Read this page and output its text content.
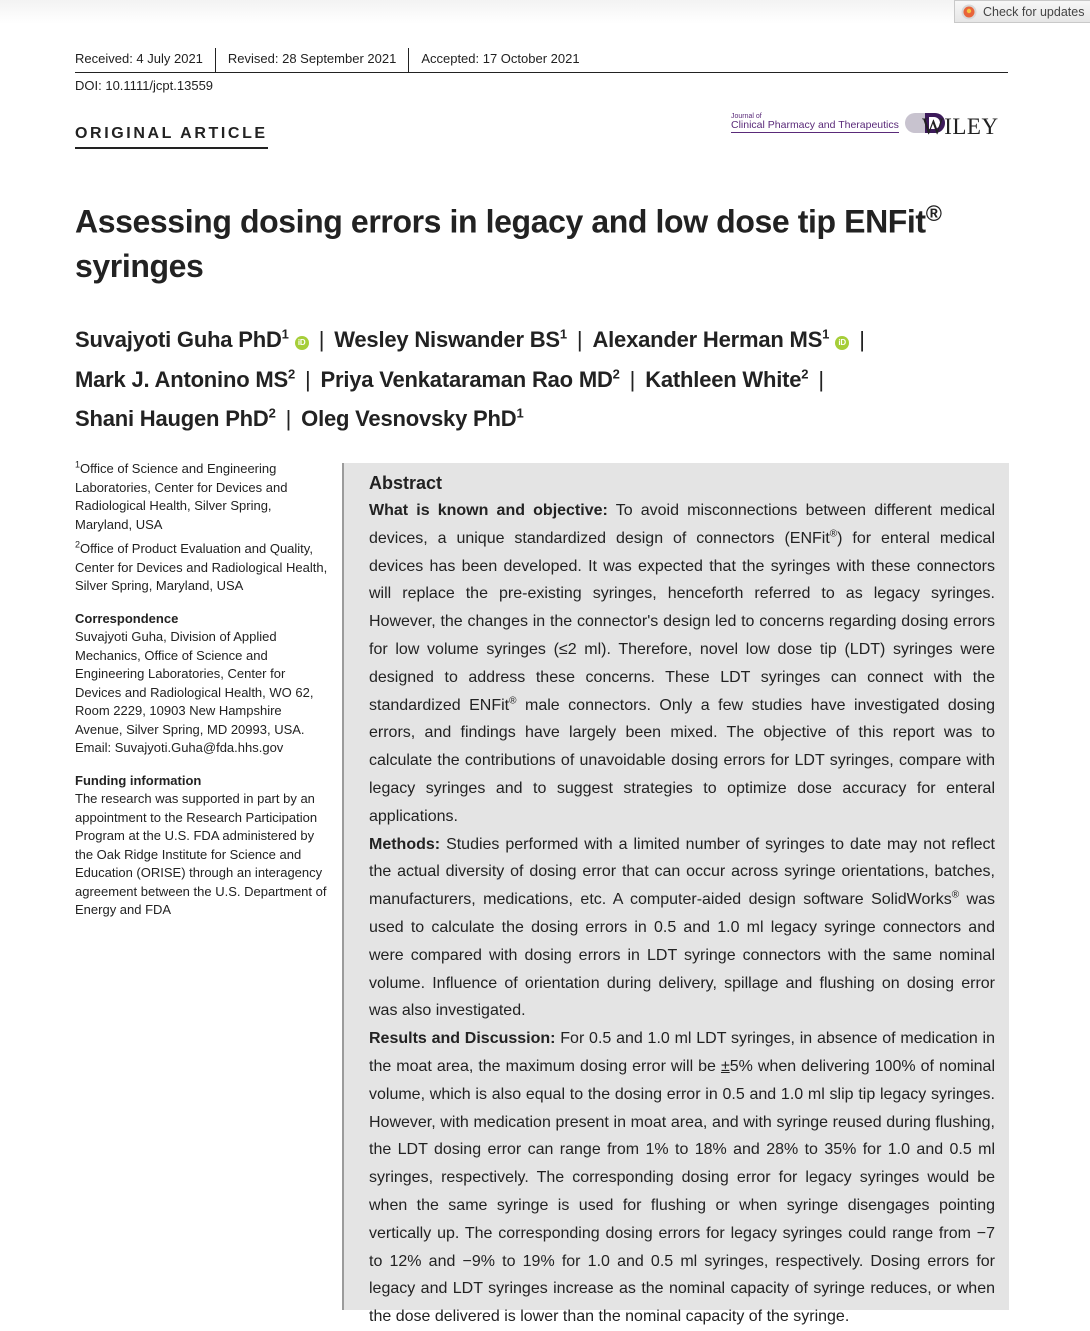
Check for updates
Received: 4 July 2021 Revised: 28 September 2021 Accepted: 17 October 2021
DOI: 10.1111/jcpt.13559
ORIGINAL ARTICLE
Journal of
Clinical Pharmacy and Therapeutics WILEY
Assessing dosing errors in legacy and low dose tip ENFit®
syringes
Suvajyoti Guha PhD$^1$iD | Wesley Niswander $BS^1$ | Alexander Herman $MS^1iD$ |
Mark J. Antonino $MS^2$ | Priya Venkataraman Rao $MD^2$ | Kathleen White$^2$ |
Shani Haugen PhD$^2$ | Oleg Vesnovsky PhD$^1$

$^1$Office of Science and Engineering Laboratories, Center for Devices and Radiological Health, Silver Spring, Maryland, USA

$^2$Office of Product Evaluation and Quality, Center for Devices and Radiological Health, Silver Spring, Maryland, USA

Correspondence

Suvajyoti Guha, Division of Applied Mechanics, Office of Science and Engineering Laboratories, Center for Devices and Radiological Health, WO 62, Room 2229, 10903 New Hampshire Avenue, Silver Spring, MD 20993, USA.

Email: Suvajyoti.Guha@fda.hhs.gov

Funding information

The research was supported in part by an appointment to the Research Participation Program at the U.S. FDA administered by the Oak Ridge Institute for Science and Education (ORISE) through an interagency agreement between the U.S. Department of Energy and FDA

Abstract

What is known and objective: To avoid misconnections between different medical devices, a unique standardized design of connectors (ENFit®) for enteral medical devices has been developed. It was expected that the syringes with these connectors will replace the pre-existing syringes, henceforth referred to as legacy syringes. However, the changes in the connector's design led to concerns regarding dosing errors for low volume syringes (≤2 ml). Therefore, novel low dose tip (LDT) syringes were designed to address these concerns. These LDT syringes can connect with the standardized ENFit® male connectors. Only a few studies have investigated dosing errors, and findings have largely been mixed. The objective of this report was to calculate the contributions of unavoidable dosing errors for LDT syringes, compare with legacy syringes and to suggest strategies to optimize dose accuracy for enteral applications.

Methods: Studies performed with a limited number of syringes to date may not reflect the actual diversity of dosing error that can occur across syringe orientations, batches, manufacturers, medications, etc. A computer-aided design software SolidWorks® was used to calculate the dosing errors in 0.5 and 1.0 ml legacy syringe connectors and were compared with dosing errors in LDT syringe connectors with the same nominal volume. Influence of orientation during delivery, spillage and flushing on dosing error was also investigated.

Results and Discussion: For 0.5 and 1.0 ml LDT syringes, in absence of medication in the moat area, the maximum dosing error will be ±5% when delivering 100% of nominal volume, which is also equal to the dosing error in 0.5 and 1.0 ml slip tip legacy syringes. However, with medication present in moat area, and with syringe reused during flushing, the LDT dosing error can range from 1% to 18% and 28% to 35% for 1.0 and 0.5 ml syringes, respectively. The corresponding dosing error for legacy syringes would be when the same syringe is used for flushing or when syringe disengages pointing vertically up. The corresponding dosing errors for legacy syringes could range from −7 to 12% and −9% to 19% for 1.0 and 0.5 ml syringes, respectively. Dosing errors for legacy and LDT syringes increase as the nominal capacity of syringe reduces, or when the dose delivered is lower than the nominal capacity of the syringe.
